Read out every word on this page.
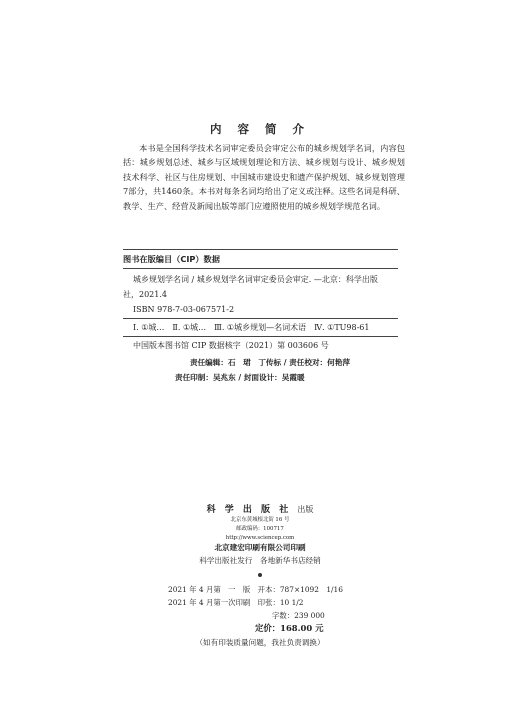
内 容 简 介
本书是全国科学技术名词审定委员会审定公布的城乡规划学名词，内容包括：城乡规划总述、城乡与区域规划理论和方法、城乡规划与设计、城乡规划技术科学、社区与住房规划、中国城市建设史和遗产保护规划、城乡规划管理7部分，共1460条。本书对每条名词均给出了定义或注释。这些名词是科研、教学、生产、经营及新闻出版等部门应遵照使用的城乡规划学规范名词。
图书在版编目（CIP）数据
城乡规划学名词 / 城乡规划学名词审定委员会审定. —北京：科学出版
社，2021.4
ISBN 978-7-03-067571-2
Ⅰ. ①城…　Ⅱ. ①城…　Ⅲ. ①城乡规划—名词术语　Ⅳ. ①TU98-61
中国版本图书馆 CIP 数据核字（2021）第 003606 号
责任编辑：石　珺　丁传标 / 责任校对：何艳萍
责任印制：吴兆东 / 封面设计：吴霞暖
科 学 出 版 社 出版
北京东黄城根北街 16 号
邮政编码：100717
http://www.sciencep.com
北京建宏印刷有限公司印刷
科学出版社发行　各地新华书店经销
2021 年 4 月第　一　版　开本：787×1092　1/16
2021 年 4 月第一次印刷　印张：10 1/2
字数：239 000
定价：168.00 元
（如有印装质量问题，我社负责调换）
